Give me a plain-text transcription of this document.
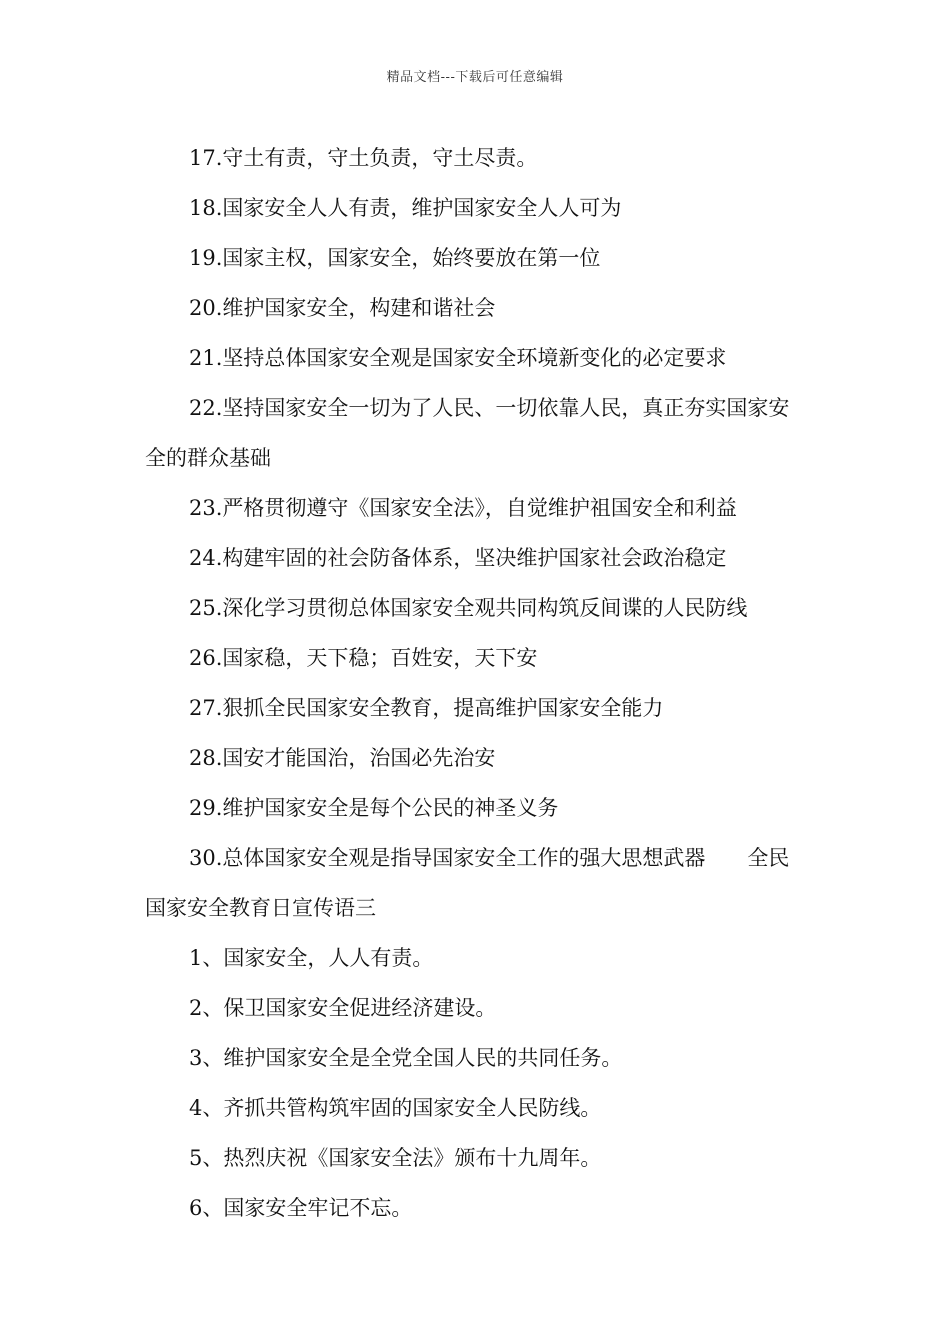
精品文档---下载后可任意编辑

17.守土有责，守土负责，守土尽责。

18.国家安全人人有责，维护国家安全人人可为

19.国家主权，国家安全，始终要放在第一位

20.维护国家安全，构建和谐社会

21.坚持总体国家安全观是国家安全环境新变化的必定要求

22.坚持国家安全一切为了人民、一切依靠人民，真正夯实国家安全的群众基础

23.严格贯彻遵守《国家安全法》，自觉维护祖国安全和利益

24.构建牢固的社会防备体系，坚决维护国家社会政治稳定

25.深化学习贯彻总体国家安全观共同构筑反间谍的人民防线

26.国家稳，天下稳；百姓安，天下安

27.狠抓全民国家安全教育，提高维护国家安全能力

28.国安才能国治，治国必先治安

29.维护国家安全是每个公民的神圣义务

30.总体国家安全观是指导国家安全工作的强大思想武器　　全民国家安全教育日宣传语三

1、国家安全，人人有责。

2、保卫国家安全促进经济建设。

3、维护国家安全是全党全国人民的共同任务。

4、齐抓共管构筑牢固的国家安全人民防线。

5、热烈庆祝《国家安全法》颁布十九周年。

6、国家安全牢记不忘。
